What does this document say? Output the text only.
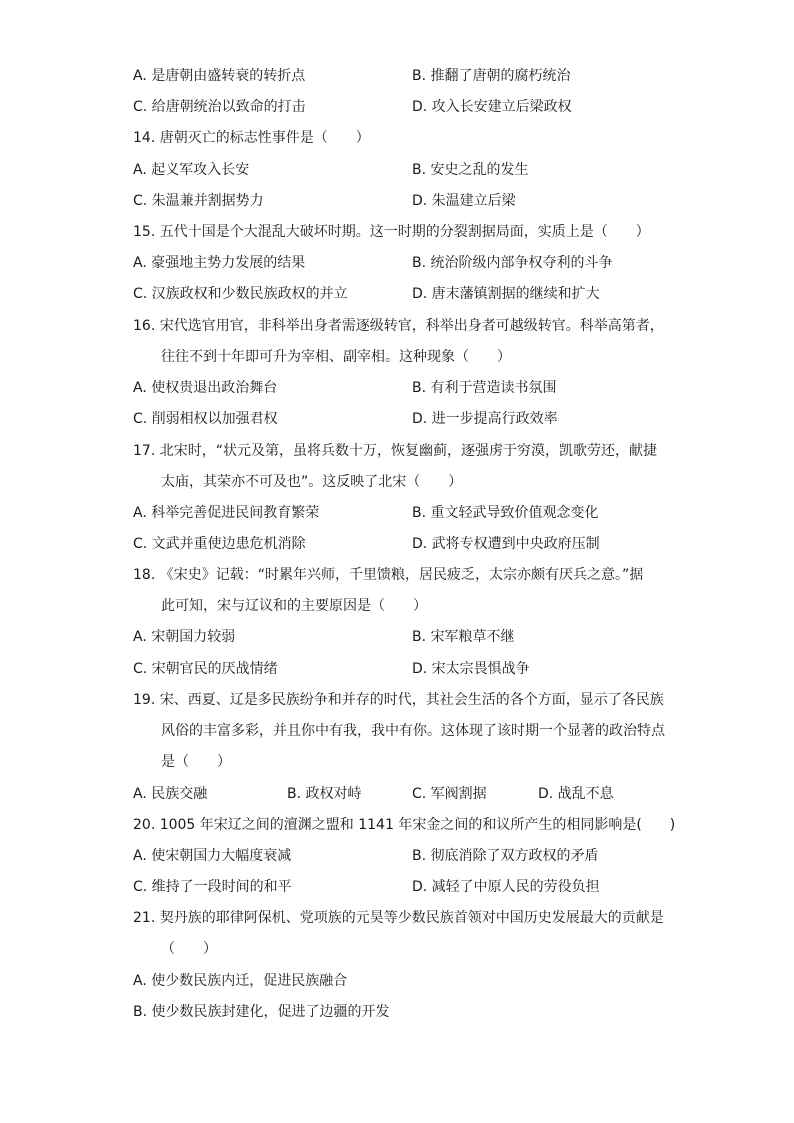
A. 是唐朝由盛转衰的转折点	B. 推翻了唐朝的腐朽统治
C. 给唐朝统治以致命的打击	D. 攻入长安建立后梁政权
14. 唐朝灭亡的标志性事件是（　　）
A. 起义军攻入长安	B. 安史之乱的发生
C. 朱温兼并割据势力	D. 朱温建立后梁
15. 五代十国是个大混乱大破坏时期。这一时期的分裂割据局面，实质上是（　　）
A. 豪强地主势力发展的结果	B. 统治阶级内部争权夺利的斗争
C. 汉族政权和少数民族政权的并立	D. 唐末藩镇割据的继续和扩大
16. 宋代选官用官，非科举出身者需逐级转官，科举出身者可越级转官。科举高第者，
往往不到十年即可升为宰相、副宰相。这种现象（　　）
A. 使权贵退出政治舞台	B. 有利于营造读书氛围
C. 削弱相权以加强君权	D. 进一步提高行政效率
17. 北宋时，“状元及第，虽将兵数十万，恢复幽蓟，逐强虏于穷漠，凯歌劳还，献捷
太庙，其荣亦不可及也”。这反映了北宋（　　）
A. 科举完善促进民间教育繁荣	B. 重文轻武导致价值观念变化
C. 文武并重使边患危机消除	D. 武将专权遭到中央政府压制
18. 《宋史》记载：“时累年兴师，千里馈粮，居民疲乏，太宗亦颇有厌兵之意。”据
此可知，宋与辽议和的主要原因是（　　）
A. 宋朝国力较弱	B. 宋军粮草不继
C. 宋朝官民的厌战情绪	D. 宋太宗畏惧战争
19. 宋、西夏、辽是多民族纷争和并存的时代，其社会生活的各个方面，显示了各民族
风俗的丰富多彩，并且你中有我，我中有你。这体现了该时期一个显著的政治特点
是（　　）
A. 民族交融	B. 政权对峙	C. 军阀割据	D. 战乱不息
20. 1005 年宋辽之间的澶渊之盟和 1141 年宋金之间的和议所产生的相同影响是(　　)
A. 使宋朝国力大幅度衰减	B. 彻底消除了双方政权的矛盾
C. 维持了一段时间的和平	D. 减轻了中原人民的劳役负担
21. 契丹族的耶律阿保机、党项族的元昊等少数民族首领对中国历史发展最大的贡献是
（　　）
A. 使少数民族内迁，促进民族融合
B. 使少数民族封建化，促进了边疆的开发
